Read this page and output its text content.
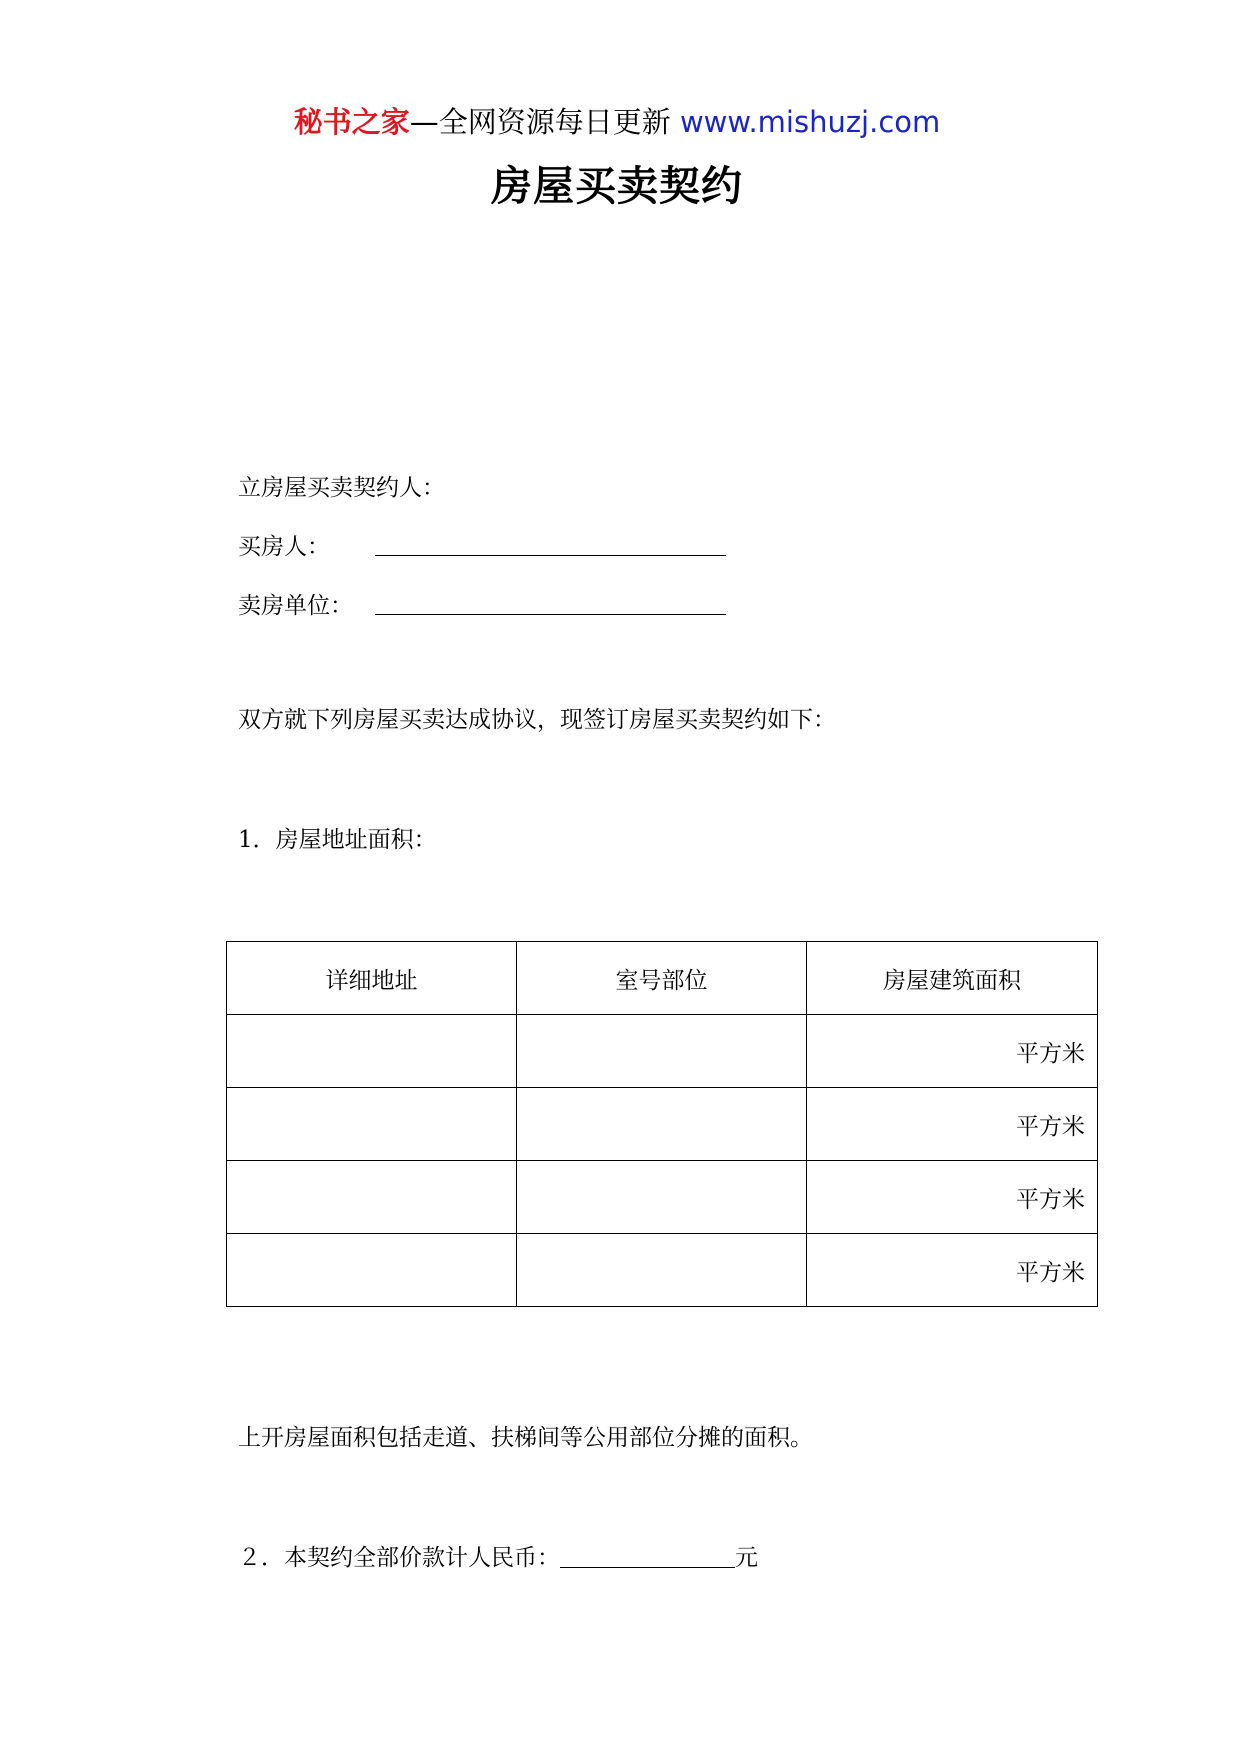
秘书之家—全网资源每日更新 www.mishuzj.com
房屋买卖契约
立房屋买卖契约人：
买房人：
卖房单位：
双方就下列房屋买卖达成协议，现签订房屋买卖契约如下：
1．房屋地址面积：
详细地址	室号部位	房屋建筑面积
		平方米
		平方米
		平方米
		平方米
上开房屋面积包括走道、扶梯间等公用部位分摊的面积。
２．本契约全部价款计人民币：	元
